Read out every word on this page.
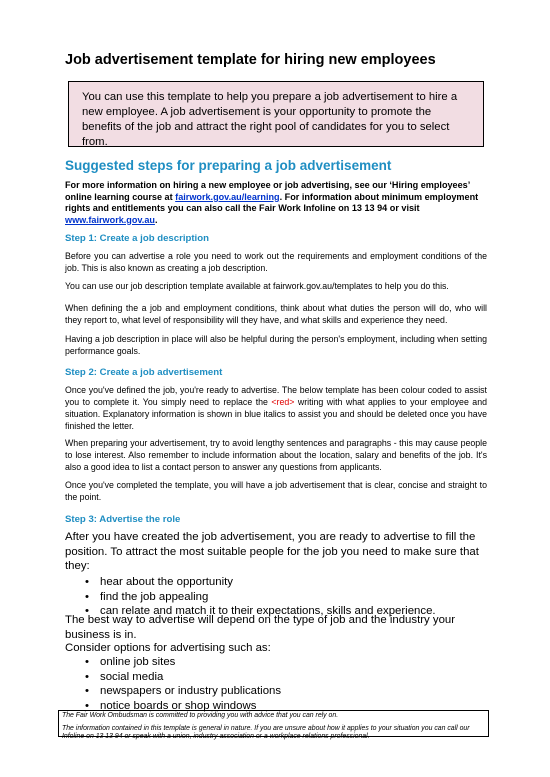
Job advertisement template for hiring new employees
You can use this template to help you prepare a job advertisement to hire a new employee. A job advertisement is your opportunity to promote the benefits of the job and attract the right pool of candidates for you to select from.
Suggested steps for preparing a job advertisement
For more information on hiring a new employee or job advertising, see our ‘Hiring employees’ online learning course at fairwork.gov.au/learning. For information about minimum employment rights and entitlements you can also call the Fair Work Infoline on 13 13 94 or visit www.fairwork.gov.au.
Step 1: Create a job description

Before you can advertise a role you need to work out the requirements and employment conditions of the job. This is also known as creating a job description.

You can use our job description template available at fairwork.gov.au/templates to help you do this.

When defining the a job and employment conditions, think about what duties the person will do, who will they report to, what level of responsibility will they have, and what skills and experience they need.

Having a job description in place will also be helpful during the person's employment, including when setting performance goals.

Step 2: Create a job advertisement

Once you've defined the job, you're ready to advertise. The below template has been colour coded to assist you to complete it. You simply need to replace the <red> writing with what applies to your employee and situation. Explanatory information is shown in blue italics to assist you and should be deleted once you have finished the letter.

When preparing your advertisement, try to avoid lengthy sentences and paragraphs - this may cause people to lose interest. Also remember to include information about the location, salary and benefits of the job. It's also a good idea to list a contact person to answer any questions from applicants.

Once you've completed the template, you will have a job advertisement that is clear, concise and straight to the point.

Step 3: Advertise the role

After you have created the job advertisement, you are ready to advertise to fill the position. To attract the most suitable people for the job you need to make sure that they:

• hear about the opportunity
• find the job appealing
• can relate and match it to their expectations, skills and experience.

The best way to advertise will depend on the type of job and the industry your business is in.

Consider options for advertising such as:

• online job sites
• social media
• newspapers or industry publications
• notice boards or shop windows

The Fair Work Ombudsman is committed to providing you with advice that you can rely on.

The information contained in this template is general in nature. If you are unsure about how it applies to your situation you can call our Infoline on 13 13 94 or speak with a union, industry association or a workplace relations professional.
